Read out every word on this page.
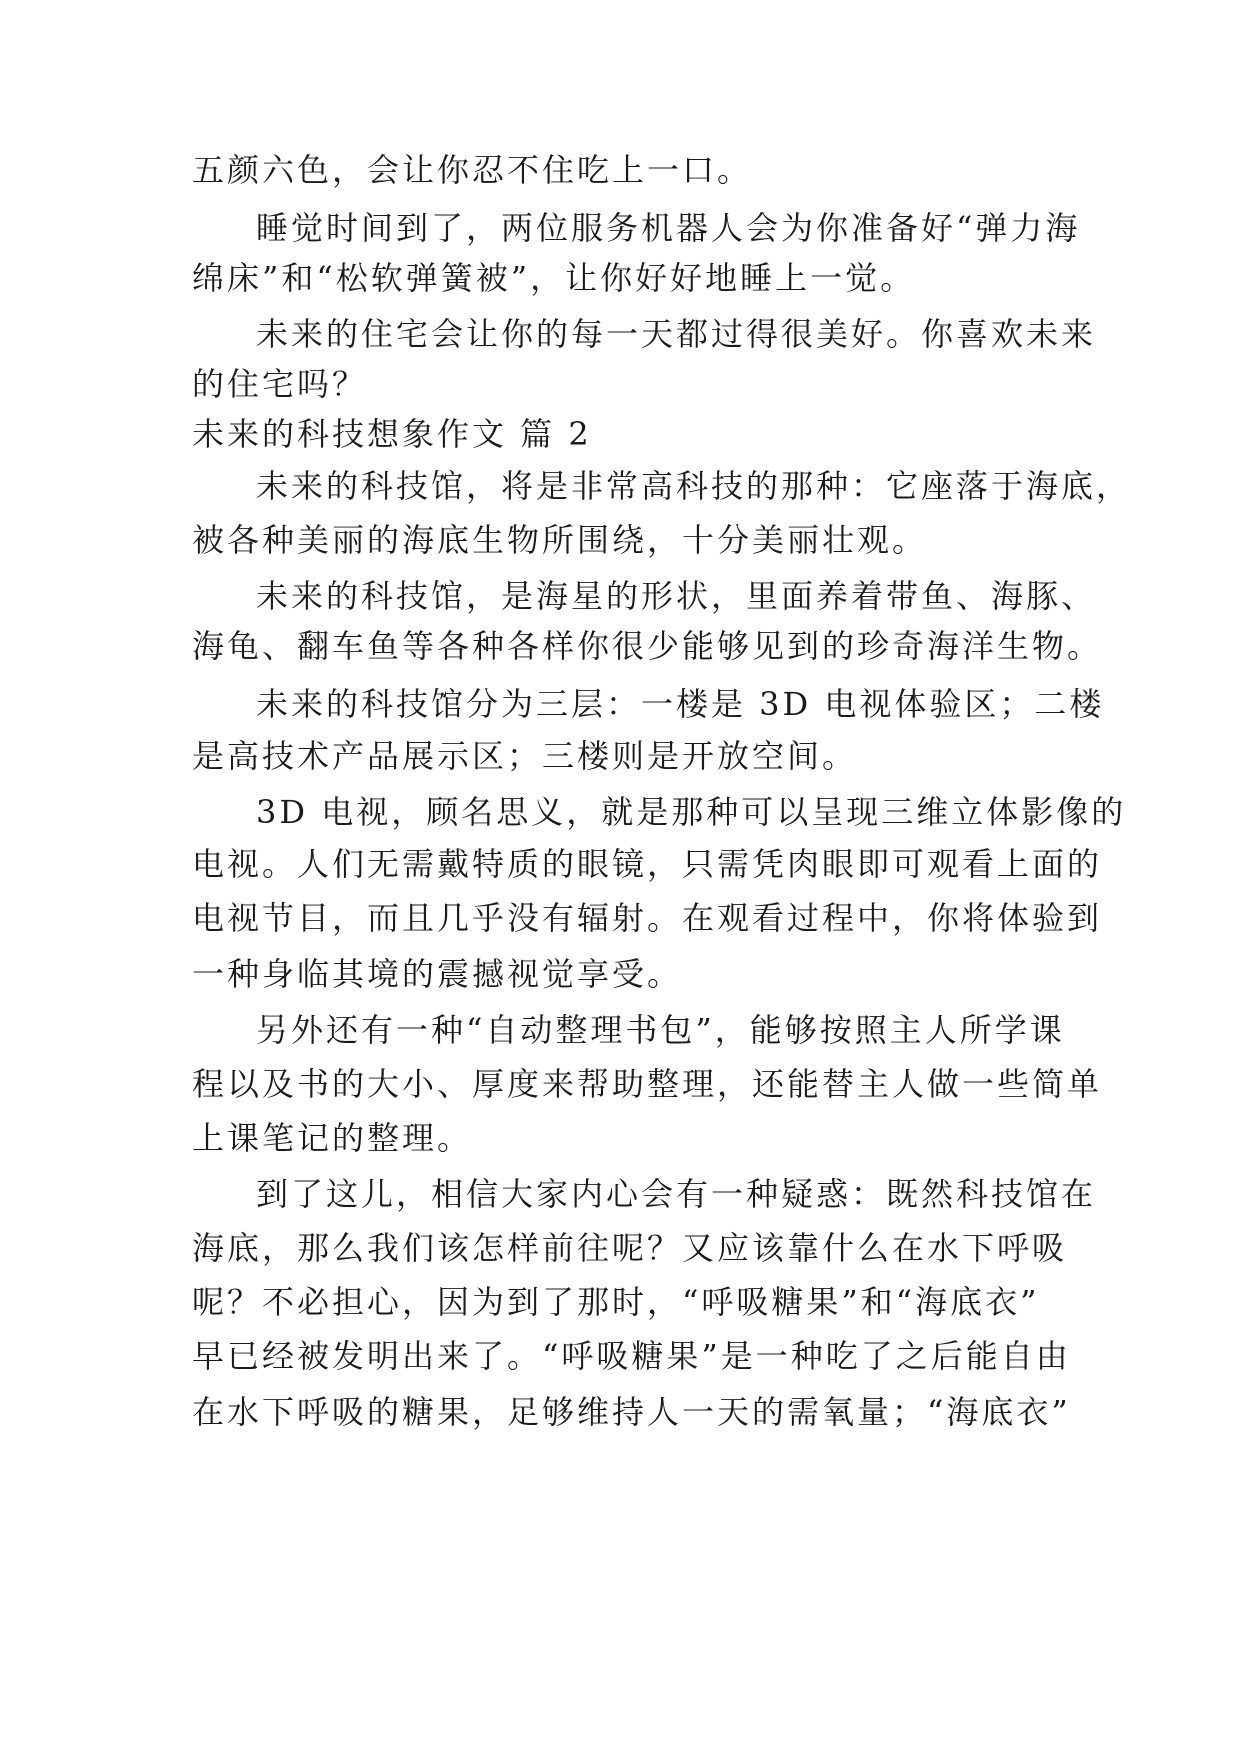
五颜六色，会让你忍不住吃上一口。
睡觉时间到了，两位服务机器人会为你准备好“弹力海
绵床”和“松软弹簧被”，让你好好地睡上一觉。
未来的住宅会让你的每一天都过得很美好。你喜欢未来
的住宅吗？
未来的科技想象作文 篇 2
未来的科技馆，将是非常高科技的那种：它座落于海底，
被各种美丽的海底生物所围绕，十分美丽壮观。
未来的科技馆，是海星的形状，里面养着带鱼、海豚、
海龟、翻车鱼等各种各样你很少能够见到的珍奇海洋生物。
未来的科技馆分为三层：一楼是 3D 电视体验区；二楼
是高技术产品展示区；三楼则是开放空间。
3D 电视，顾名思义，就是那种可以呈现三维立体影像的
电视。人们无需戴特质的眼镜，只需凭肉眼即可观看上面的
电视节目，而且几乎没有辐射。在观看过程中，你将体验到
一种身临其境的震撼视觉享受。
另外还有一种“自动整理书包”，能够按照主人所学课
程以及书的大小、厚度来帮助整理，还能替主人做一些简单
上课笔记的整理。
到了这儿，相信大家内心会有一种疑惑：既然科技馆在
海底，那么我们该怎样前往呢？又应该靠什么在水下呼吸
呢？不必担心，因为到了那时，“呼吸糖果”和“海底衣”
早已经被发明出来了。“呼吸糖果”是一种吃了之后能自由
在水下呼吸的糖果，足够维持人一天的需氧量；“海底衣”
